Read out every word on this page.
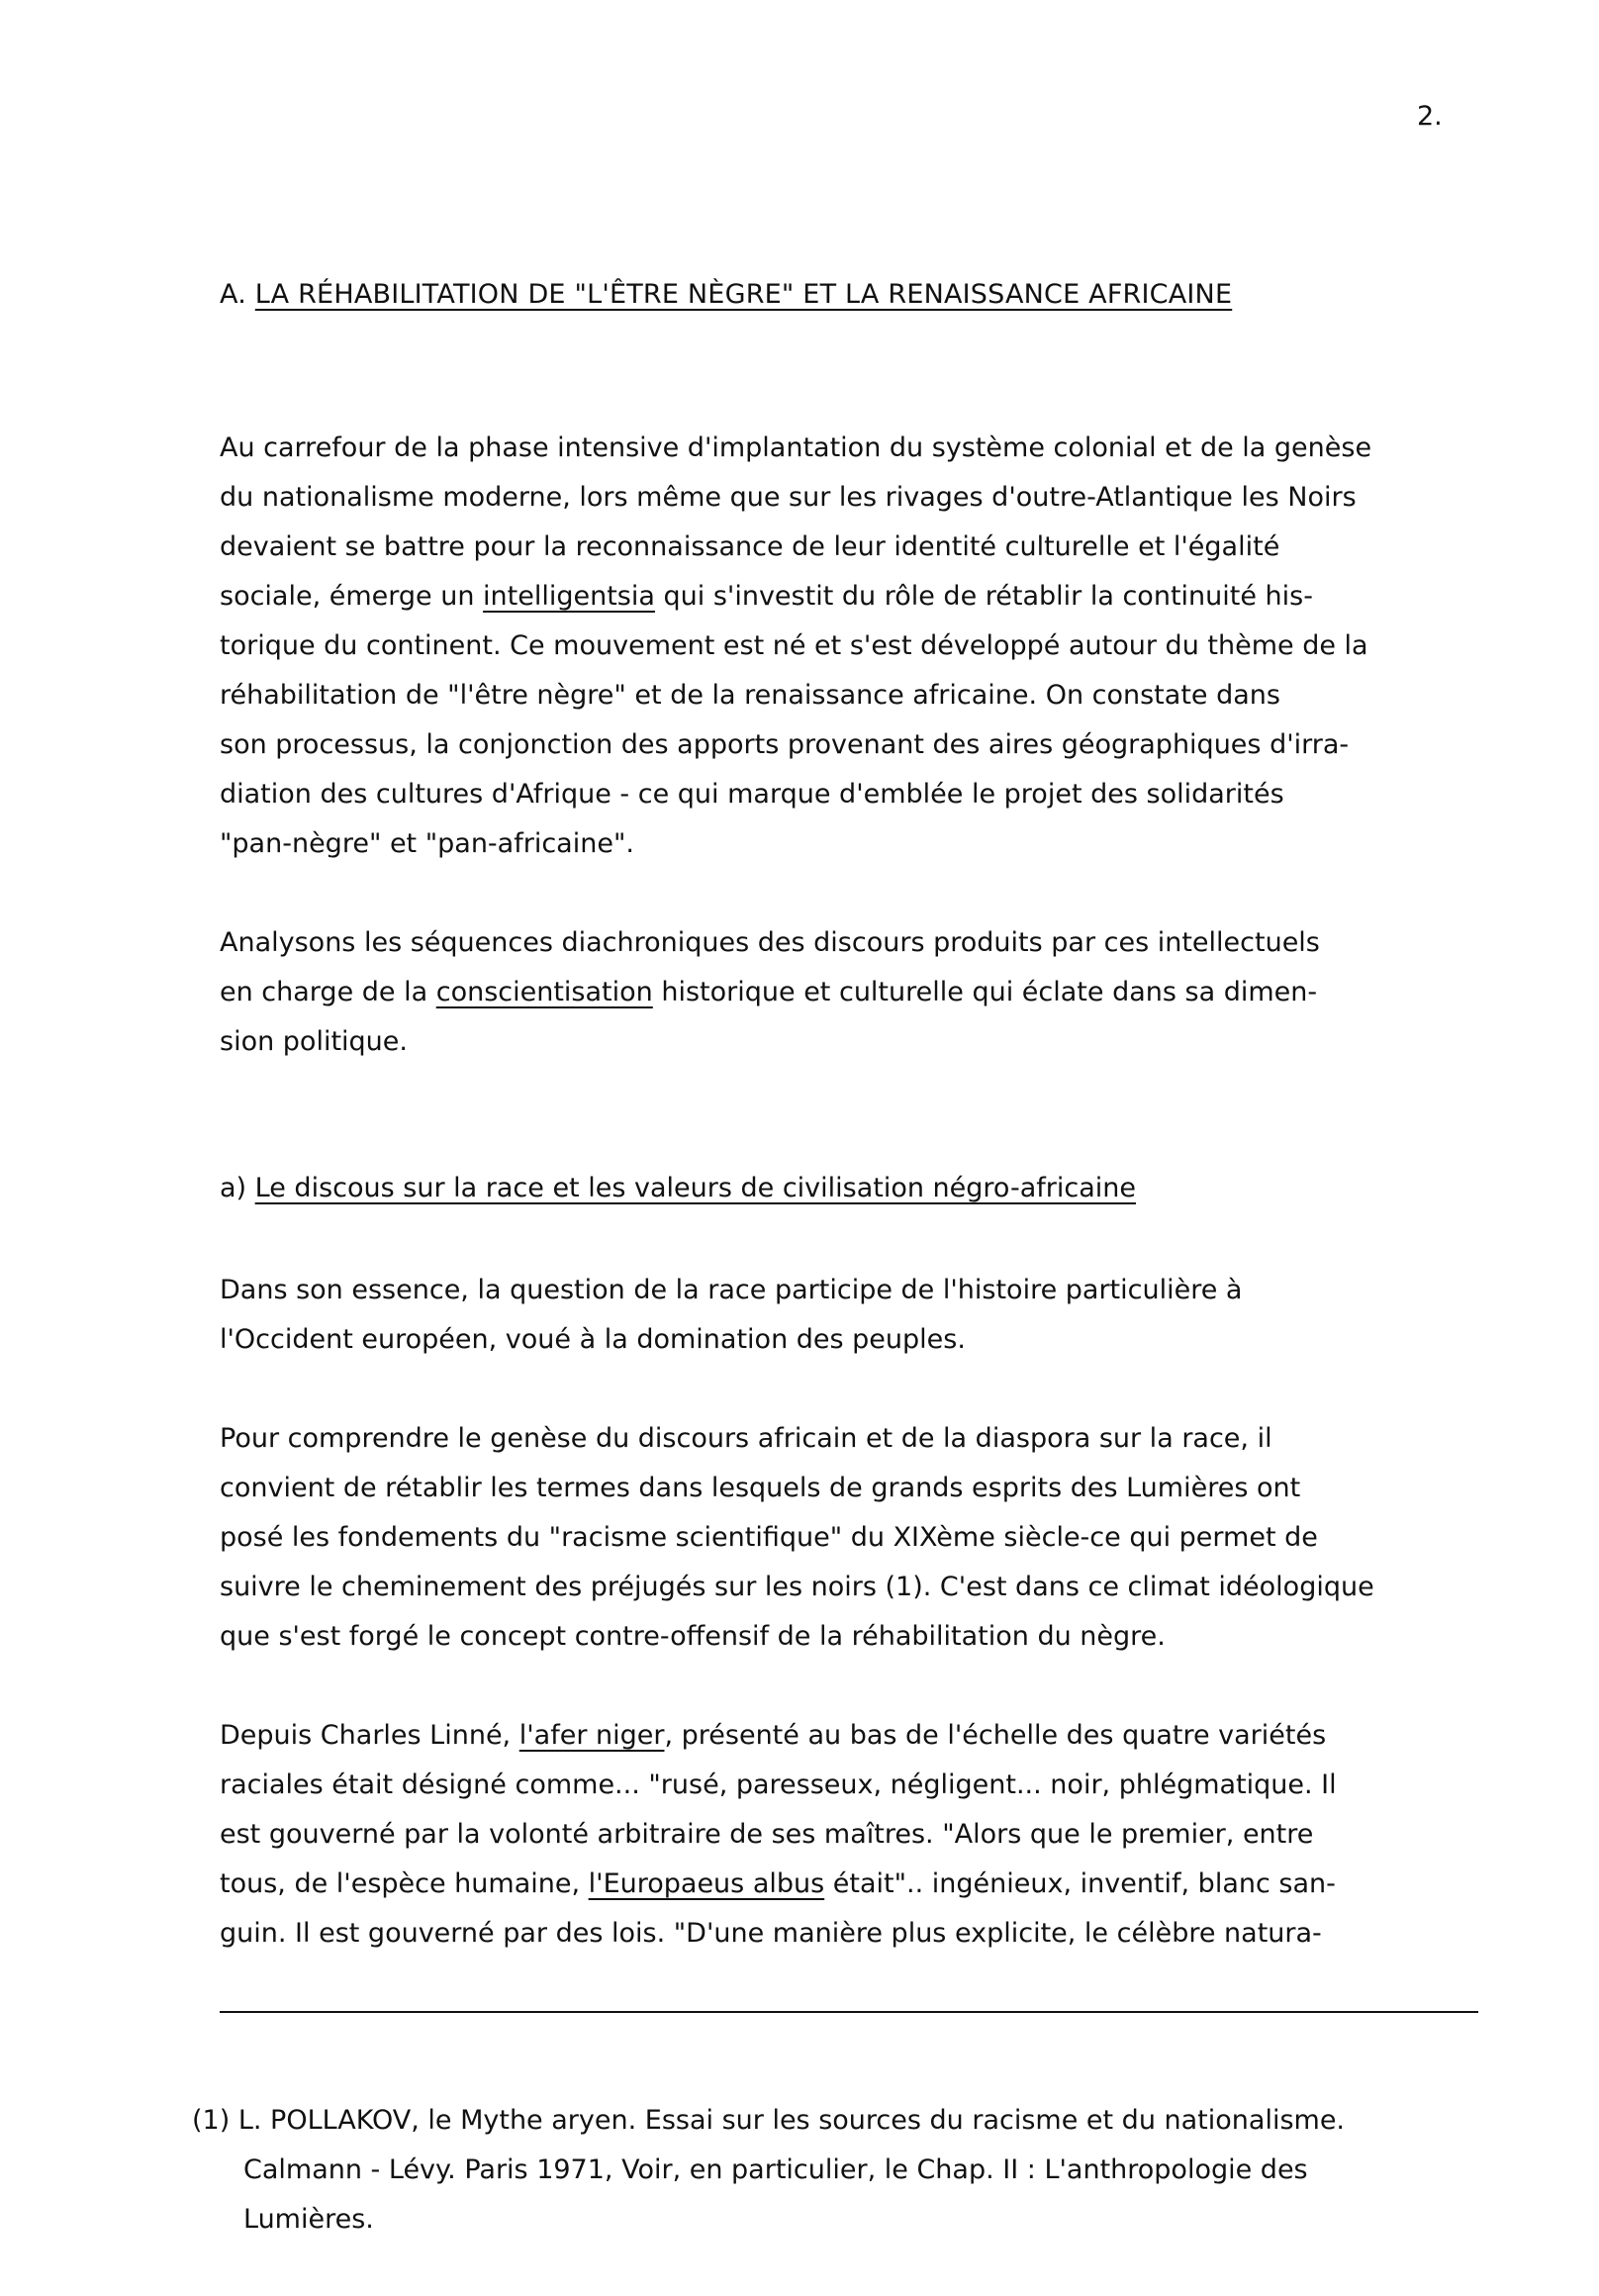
2.
A. LA RÉHABILITATION DE "L'ÊTRE NÈGRE" ET LA RENAISSANCE AFRICAINE

Au carrefour de la phase intensive d'implantation du système colonial et de la genèse
du nationalisme moderne, lors même que sur les rivages d'outre-Atlantique les Noirs
devaient se battre pour la reconnaissance de leur identité culturelle et l'égalité
sociale, émerge un intelligentsia qui s'investit du rôle de rétablir la continuité his-
torique du continent. Ce mouvement est né et s'est développé autour du thème de la
réhabilitation de "l'être nègre" et de la renaissance africaine. On constate dans
son processus, la conjonction des apports provenant des aires géographiques d'irra-
diation des cultures d'Afrique - ce qui marque d'emblée le projet des solidarités
"pan-nègre" et "pan-africaine".

Analysons les séquences diachroniques des discours produits par ces intellectuels
en charge de la conscientisation historique et culturelle qui éclate dans sa dimen-
sion politique.

a) Le discous sur la race et les valeurs de civilisation négro-africaine

Dans son essence, la question de la race participe de l'histoire particulière à
l'Occident européen, voué à la domination des peuples.

Pour comprendre le genèse du discours africain et de la diaspora sur la race, il
convient de rétablir les termes dans lesquels de grands esprits des Lumières ont
posé les fondements du "racisme scientifique" du XIXème siècle-ce qui permet de
suivre le cheminement des préjugés sur les noirs (1). C'est dans ce climat idéologique
que s'est forgé le concept contre-offensif de la réhabilitation du nègre.

Depuis Charles Linné, l'afer niger, présenté au bas de l'échelle des quatre variétés
raciales était désigné comme... "rusé, paresseux, négligent... noir, phlégmatique. Il
est gouverné par la volonté arbitraire de ses maîtres. "Alors que le premier, entre
tous, de l'espèce humaine, l'Europaeus albus était".. ingénieux, inventif, blanc san-
guin. Il est gouverné par des lois. "D'une manière plus explicite, le célèbre natura-

(1) L. POLLAKOV, le Mythe aryen. Essai sur les sources du racisme et du nationalisme.
Calmann - Lévy. Paris 1971, Voir, en particulier, le Chap. II : L'anthropologie des
Lumières.
